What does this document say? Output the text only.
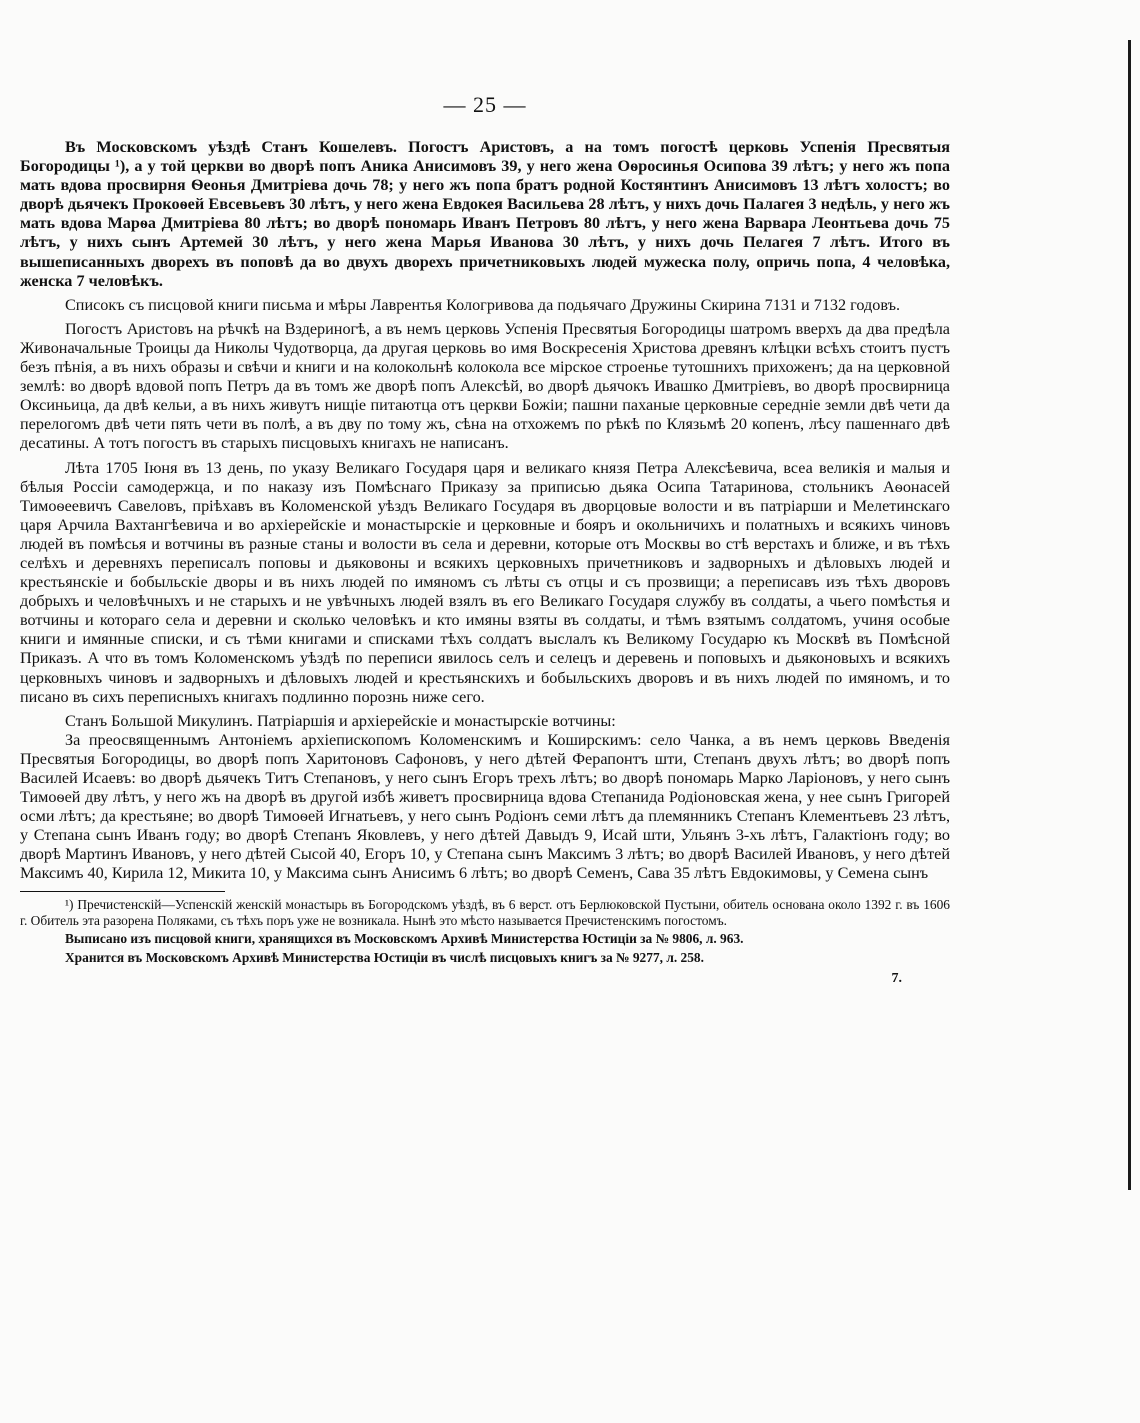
— 25 —

Въ Московскомъ уѣздѣ Станъ Кошелевъ. Погостъ Аристовъ, а на томъ погостѣ церковь Успенія Пресвятыя Богородицы ¹), а у той церкви во дворѣ попъ Аника Анисимовъ 39, у него жена Оѳросинья Осипова 39 лѣтъ; у него жъ попа мать вдова просвирня Ѳеонья Дмитріева дочь 78; у него жъ попа братъ родной Костянтинъ Анисимовъ 13 лѣтъ холостъ; во дворѣ дьячекъ Прокоѳей Евсевьевъ 30 лѣтъ, у него жена Евдокея Васильева 28 лѣтъ, у нихъ дочь Палагея 3 недѣль, у него жъ мать вдова Марѳа Дмитріева 80 лѣтъ; во дворѣ пономарь Иванъ Петровъ 80 лѣтъ, у него жена Варвара Леонтьева дочь 75 лѣтъ, у нихъ сынъ Артемей 30 лѣтъ, у него жена Марья Иванова 30 лѣтъ, у нихъ дочь Пелагея 7 лѣтъ. Итого въ вышеписанныхъ дворехъ въ поповѣ да во двухъ дворехъ причетниковыхъ людей мужеска полу, опричь попа, 4 человѣка, женска 7 человѣкъ.

Списокъ съ писцовой книги письма и мѣры Лаврентья Кологривова да подьячаго Дружины Скирина 7131 и 7132 годовъ.

Погостъ Аристовъ на рѣчкѣ на Вздериногѣ, а въ немъ церковь Успенія Пресвятыя Богородицы шатромъ вверхъ да два предѣла Живоначальные Троицы да Николы Чудотворца, да другая церковь во имя Воскресенія Христова древянъ клѣцки всѣхъ стоитъ пустъ безъ пѣнія, а въ нихъ образы и свѣчи и книги и на колокольнѣ колокола все мірское строенье тутошнихъ прихоженъ; да на церковной землѣ: во дворѣ вдовой попъ Петръ да въ томъ же дворѣ попъ Алексѣй, во дворѣ дьячокъ Ивашко Дмитріевъ, во дворѣ просвирница Оксиньица, да двѣ кельи, а въ нихъ живутъ нищіе питаютца отъ церкви Божіи; пашни паханые церковные середніе земли двѣ чети да перелогомъ двѣ чети пять чети въ полѣ, а въ дву по тому жъ, сѣна на отхожемъ по рѣкѣ по Клязьмѣ 20 копенъ, лѣсу пашеннаго двѣ десатины. А тотъ погостъ въ старыхъ писцовыхъ книгахъ не написанъ.

Лѣта 1705 Іюня въ 13 день, по указу Великаго Государя царя и великаго князя Петра Алексѣевича, всеа великія и малыя и бѣлыя Россіи самодержца, и по наказу изъ Помѣснаго Приказу за приписью дьяка Осипа Татаринова, стольникъ Аѳонасей Тимоѳеевичъ Савеловъ, пріѣхавъ въ Коломенской уѣздъ Великаго Государя въ дворцовые волости и въ патріарши и Мелетинскаго царя Арчила Вахтангѣевича и во архіерейскіе и монастырскіе и церковные и бояръ и окольничихъ и полатныхъ и всякихъ чиновъ людей въ помѣсья и вотчины въ разные станы и волости въ села и деревни, которые отъ Москвы во стѣ верстахъ и ближе, и въ тѣхъ селѣхъ и деревняхъ переписалъ поповы и дьяковоны и всякихъ церковныхъ причетниковъ и задворныхъ и дѣловыхъ людей и крестьянскіе и бобыльскіе дворы и въ нихъ людей по имяномъ съ лѣты съ отцы и съ прозвищи; а переписавъ изъ тѣхъ дворовъ добрыхъ и человѣчныхъ и не старыхъ и не увѣчныхъ людей взялъ въ его Великаго Государя службу въ солдаты, а чьего помѣстья и вотчины и котораго села и деревни и сколько человѣкъ и кто имяны взяты въ солдаты, и тѣмъ взятымъ солдатомъ, учиня особые книги и имянные списки, и съ тѣми книгами и списками тѣхъ солдатъ выслалъ къ Великому Государю къ Москвѣ въ Помѣсной Приказъ. А что въ томъ Коломенскомъ уѣздѣ по переписи явилось селъ и селецъ и деревень и поповыхъ и дьяконовыхъ и всякихъ церковныхъ чиновъ и задворныхъ и дѣловыхъ людей и крестьянскихъ и бобыльскихъ дворовъ и въ нихъ людей по имяномъ, и то писано въ сихъ переписныхъ книгахъ подлинно порознь ниже сего.

Станъ Большой Микулинъ. Патріаршія и архіерейскіе и монастырскіе вотчины:

За преосвященнымъ Антоніемъ архіепископомъ Коломенскимъ и Коширскимъ: село Чанка, а въ немъ церковь Введенія Пресвятыя Богородицы, во дворѣ попъ Харитоновъ Сафоновъ, у него дѣтей Ферапонтъ шти, Степанъ двухъ лѣтъ; во дворѣ попъ Василей Исаевъ: во дворѣ дьячекъ Титъ Степановъ, у него сынъ Егоръ трехъ лѣтъ; во дворѣ пономарь Марко Ларіоновъ, у него сынъ Тимоѳей дву лѣтъ, у него жъ на дворѣ въ другой избѣ живетъ просвирница вдова Степанида Родіоновская жена, у нее сынъ Григорей осми лѣтъ; да крестьяне; во дворѣ Тимоѳей Игнатьевъ, у него сынъ Родіонъ семи лѣтъ да племянникъ Степанъ Клементьевъ 23 лѣтъ, у Степана сынъ Иванъ году; во дворѣ Степанъ Яковлевъ, у него дѣтей Давыдъ 9, Исай шти, Ульянъ 3-хъ лѣтъ, Галактіонъ году; во дворѣ Мартинъ Ивановъ, у него дѣтей Сысой 40, Егоръ 10, у Степана сынъ Максимъ 3 лѣтъ; во дворѣ Василей Ивановъ, у него дѣтей Максимъ 40, Кирила 12, Микита 10, у Максима сынъ Анисимъ 6 лѣтъ; во дворѣ Семенъ, Сава 35 лѣтъ Евдокимовы, у Семена сынъ

¹) Пречистенскій—Успенскій женскій монастырь въ Богородскомъ уѣздѣ, въ 6 верст. отъ Берлюковской Пустыни, обитель основана около 1392 г. въ 1606 г. Обитель эта разорена Поляками, съ тѣхъ поръ уже не возникала. Нынѣ это мѣсто называется Пречистенскимъ погостомъ.

Выписано изъ писцовой книги, хранящихся въ Московскомъ Архивѣ Министерства Юстиціи за № 9806, л. 963.

Хранится въ Московскомъ Архивѣ Министерства Юстиціи въ числѣ писцовыхъ книгъ за № 9277, л. 258.

7.
